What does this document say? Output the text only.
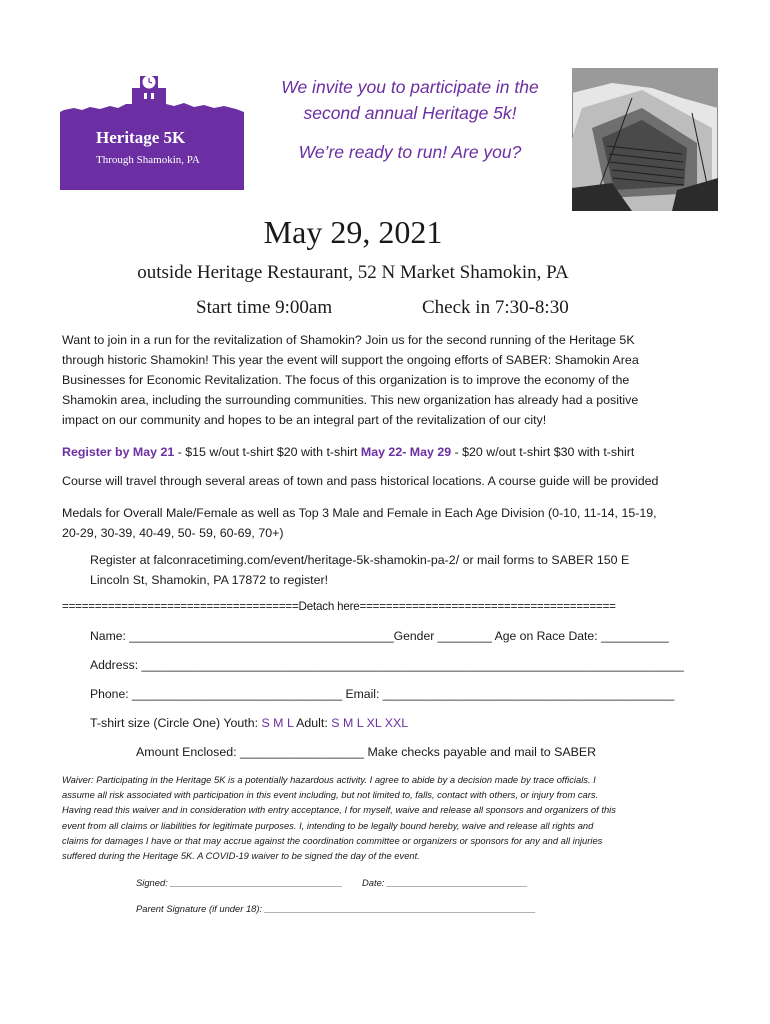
Heritage 5K
Through Shamokin, PA
We invite you to participate in the
second annual Heritage 5k!
We’re ready to run! Are you?
May 29, 2021
outside Heritage Restaurant, 52 N Market Shamokin, PA
Start time 9:00am	Check in 7:30-8:30
Want to join in a run for the revitalization of Shamokin? Join us for the second running of the Heritage 5K
through historic Shamokin! This year the event will support the ongoing efforts of SABER: Shamokin Area
Businesses for Economic Revitalization. The focus of this organization is to improve the economy of the
Shamokin area, including the surrounding communities. This new organization has already had a positive
impact on our community and hopes to be an integral part of the revitalization of our city!
Register by May 21 - $15 w/out t-shirt $20 with t-shirt May 22- May 29 - $20 w/out t-shirt $30 with t-shirt
Course will travel through several areas of town and pass historical locations. A course guide will be provided
Medals for Overall Male/Female as well as Top 3 Male and Female in Each Age Division (0-10, 11-14, 15-19,
20-29, 30-39, 40-49, 50- 59, 60-69, 70+)
Register at falconracetiming.com/event/heritage-5k-shamokin-pa-2/ or mail forms to SABER 150 E
Lincoln St, Shamokin, PA 17872 to register!
====================================Detach here=======================================
Name: _______________________________________Gender ________ Age on Race Date: __________
Address: ________________________________________________________________________________
Phone: _______________________________ Email: ___________________________________________
T-shirt size (Circle One) Youth: S M L Adult: S M L XL XXL
Amount Enclosed: __________________ Make checks payable and mail to SABER
Waiver: Participating in the Heritage 5K is a potentially hazardous activity. I agree to abide by a decision made by trace officials. I
assume all risk associated with participation in this event including, but not limited to, falls, contact with others, or injury from cars.
Having read this waiver and in consideration with entry acceptance, I for myself, waive and release all sponsors and organizers of this
event from all claims or liabilities for legitimate purposes. I, intending to be legally bound hereby, waive and release all rights and
claims for damages I have or that may accrue against the coordination committee or organizers or sponsors for any and all injuries
suffered during the Heritage 5K. A COVID-19 waiver to be signed the day of the event.
Signed: _________________________________ Date: ___________________________
Parent Signature (if under 18): ____________________________________________________
